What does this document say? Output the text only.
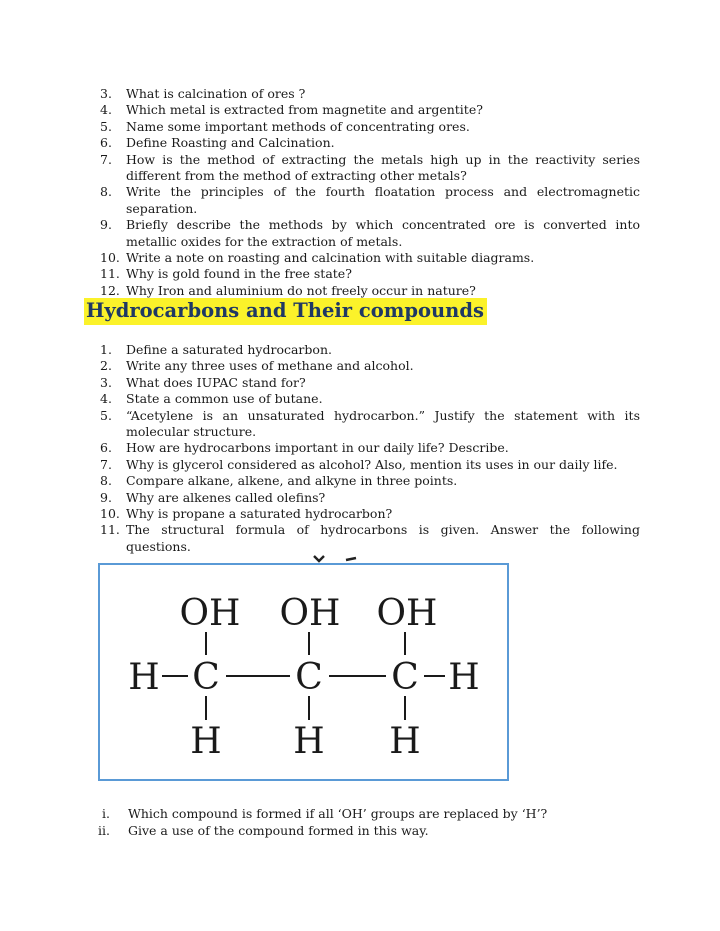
3.	What is calcination of ores ?
4.	Which metal is extracted from magnetite and argentite?
5.	Name some important methods of concentrating ores.
6.	Define Roasting and Calcination.
7.	How is the method of extracting the metals high up in the reactivity series different from the method of extracting other metals?
8.	Write the principles of the fourth floatation process and electromagnetic separation.
9.	Briefly describe the methods by which concentrated ore is converted into metallic oxides for the extraction of metals.
10. Write a note on roasting and calcination with suitable diagrams.
11. Why is gold found in the free state?
12. Why Iron and aluminium do not freely occur in nature?
Hydrocarbons and Their compounds
1.	Define a saturated hydrocarbon.
2.	Write any three uses of methane and alcohol.
3.	What does IUPAC stand for?
4.	State a common use of butane.
5.	“Acetylene is an unsaturated hydrocarbon.” Justify the statement with its molecular structure.
6.	How are hydrocarbons important in our daily life? Describe.
7.	Why is glycerol considered as alcohol? Also, mention its uses in our daily life.
8.	Compare alkane, alkene, and alkyne in three points.
9.	Why are alkenes called olefins?
10. Why is propane a saturated hydrocarbon?
11. The structural formula of hydrocarbons is given. Answer the following questions.
OH OH OH
H C C C H
H H H
i.	Which compound is formed if all ‘OH’ groups are replaced by ‘H’?
ii.	Give a use of the compound formed in this way.
